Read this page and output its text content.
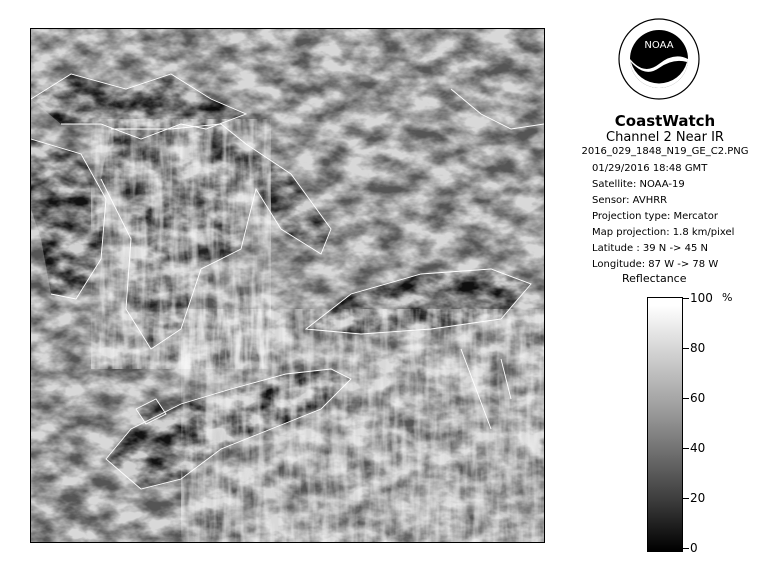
NOAA
CoastWatch
Channel 2 Near IR
2016_029_1848_N19_GE_C2.PNG
01/29/2016 18:48 GMT
Satellite: NOAA-19
Sensor: AVHRR
Projection type: Mercator
Map projection: 1.8 km/pixel
Latitude : 39 N -> 45 N
Longitude: 87 W -> 78 W
Reflectance
%
100
80
60
40
20
0
